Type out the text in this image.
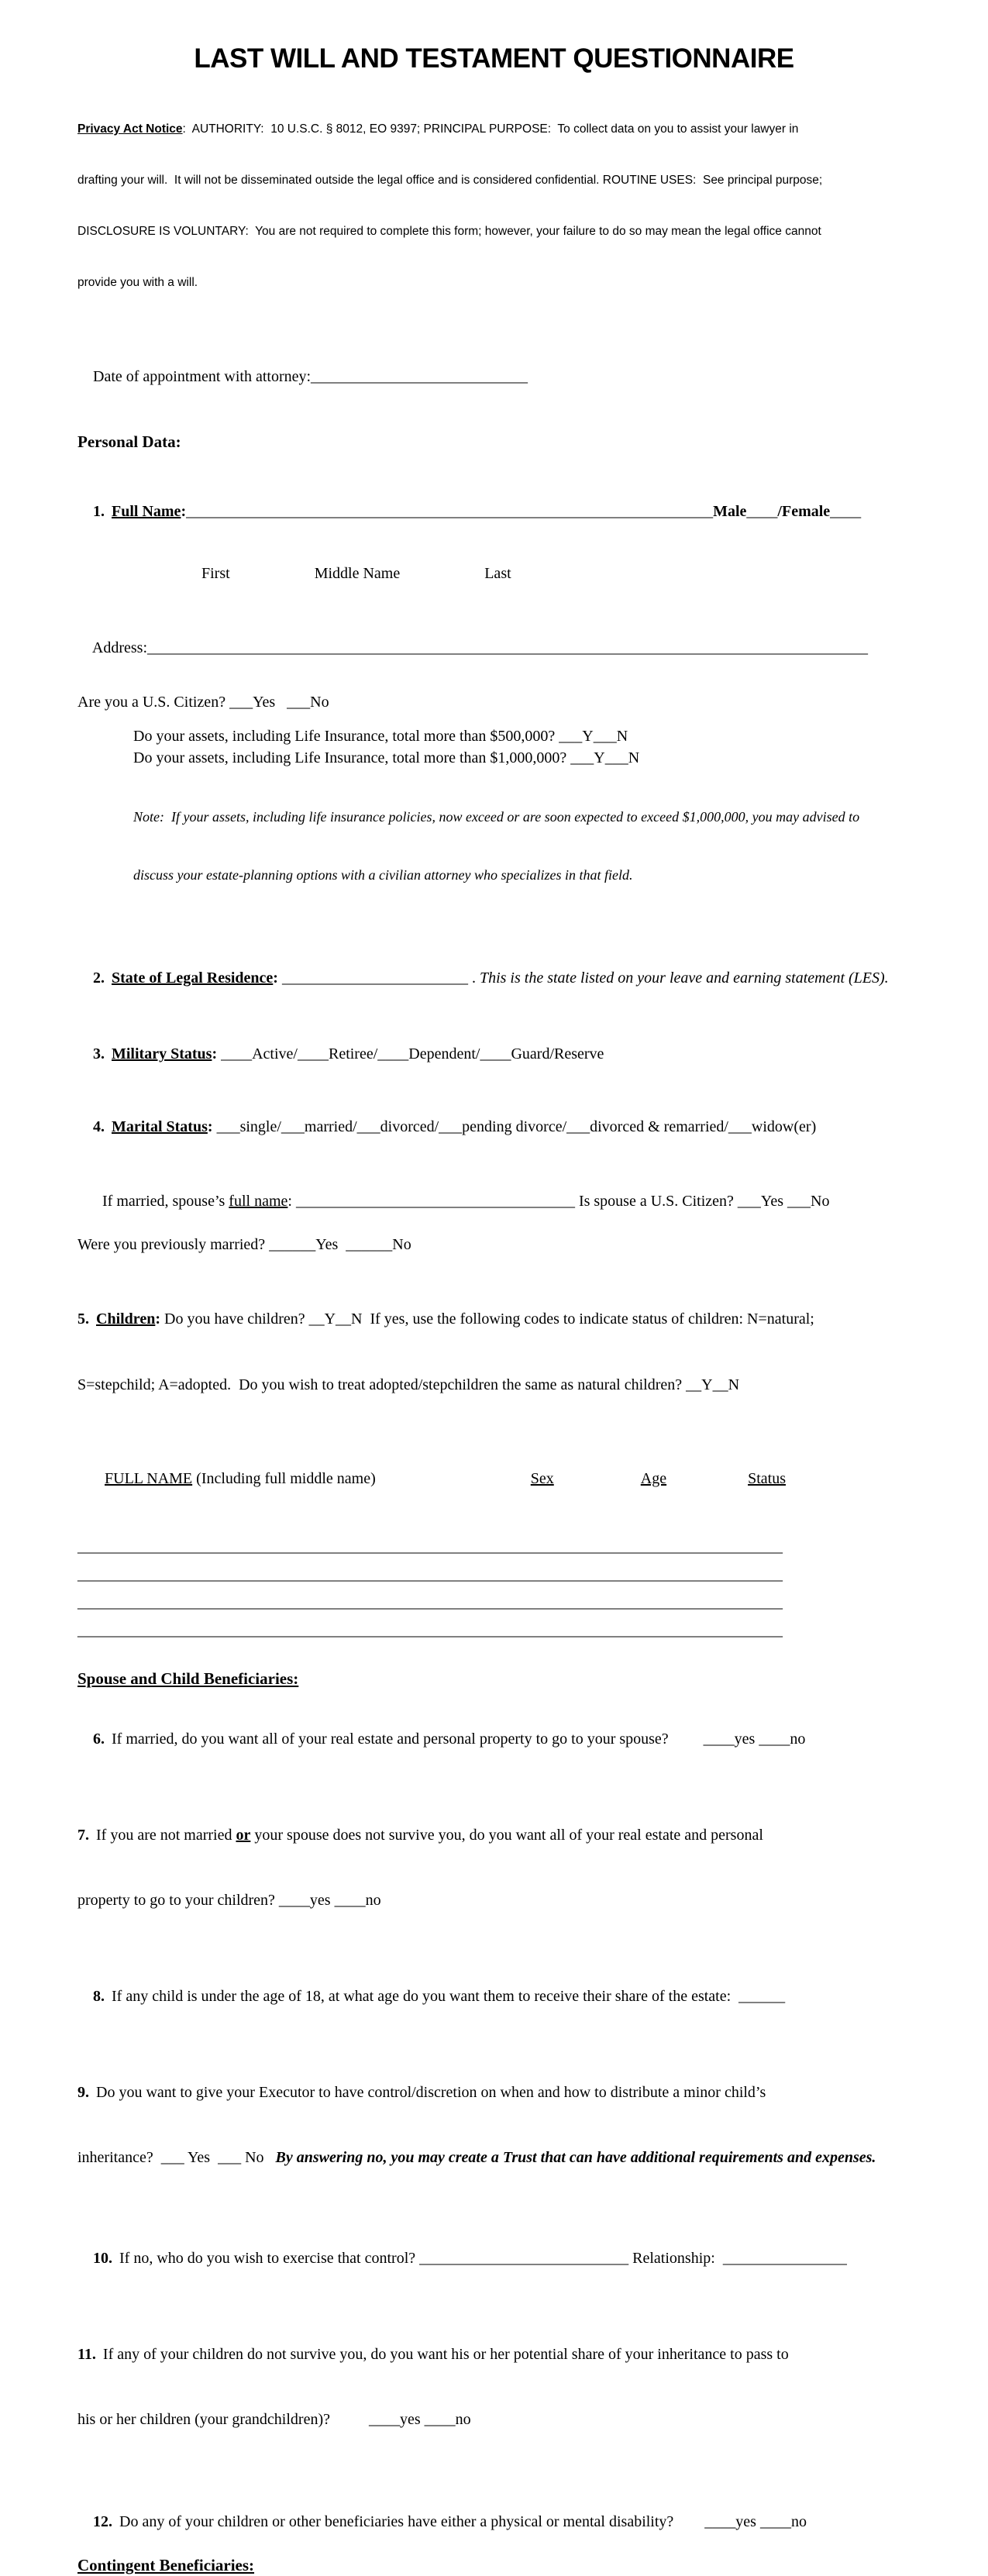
LAST WILL AND TESTAMENT QUESTIONNAIRE

Privacy Act Notice:  AUTHORITY:  10 U.S.C. § 8012, EO 9397; PRINCIPAL PURPOSE:  To collect data on you to assist your lawyer in

drafting your will.  It will not be disseminated outside the legal office and is considered confidential. ROUTINE USES:  See principal purpose;

DISCLOSURE IS VOLUNTARY:  You are not required to complete this form; however, your failure to do so may mean the legal office cannot

provide you with a will.

Date of appointment with attorney:____________________________

Personal Data:

1. Full Name:____________________________________________________________________Male____/Female____

First	Middle Name	Last

Address:_____________________________________________________________________________________________

Are you a U.S. Citizen? ___Yes   ___No
Do your assets, including Life Insurance, total more than $500,000? ___Y___N
Do your assets, including Life Insurance, total more than $1,000,000? ___Y___N

Note:  If your assets, including life insurance policies, now exceed or are soon expected to exceed $1,000,000, you may advised to

discuss your estate-planning options with a civilian attorney who specializes in that field.

2. State of Legal Residence: ________________________ . This is the state listed on your leave and earning statement (LES).

3. Military Status: ____Active/____Retiree/____Dependent/____Guard/Reserve

4. Marital Status: ___single/___married/___divorced/___pending divorce/___divorced & remarried/___widow(er)

If married, spouse’s full name: ____________________________________ Is spouse a U.S. Citizen? ___Yes ___No

Were you previously married? ______Yes  ______No

5. Children: Do you have children? __Y__N  If yes, use the following codes to indicate status of children: N=natural;

S=stepchild; A=adopted.  Do you wish to treat adopted/stepchildren the same as natural children? __Y__N

FULL NAME (Including full middle name)	Sex	Age	Status

___________________________________________________________________________________________
___________________________________________________________________________________________
___________________________________________________________________________________________
___________________________________________________________________________________________
Spouse and Child Beneficiaries:

6. If married, do you want all of your real estate and personal property to go to your spouse?         ____yes ____no

7. If you are not married or your spouse does not survive you, do you want all of your real estate and personal

property to go to your children? ____yes ____no

8. If any child is under the age of 18, at what age do you want them to receive their share of the estate:  ______

9. Do you want to give your Executor to have control/discretion on when and how to distribute a minor child’s

inheritance?  ___ Yes  ___ No   By answering no, you may create a Trust that can have additional requirements and expenses.

10. If no, who do you wish to exercise that control? ___________________________ Relationship:  ________________

11. If any of your children do not survive you, do you want his or her potential share of your inheritance to pass to

his or her children (your grandchildren)?          ____yes ____no

12. Do any of your children or other beneficiaries have either a physical or mental disability?        ____yes ____no

Contingent Beneficiaries:
